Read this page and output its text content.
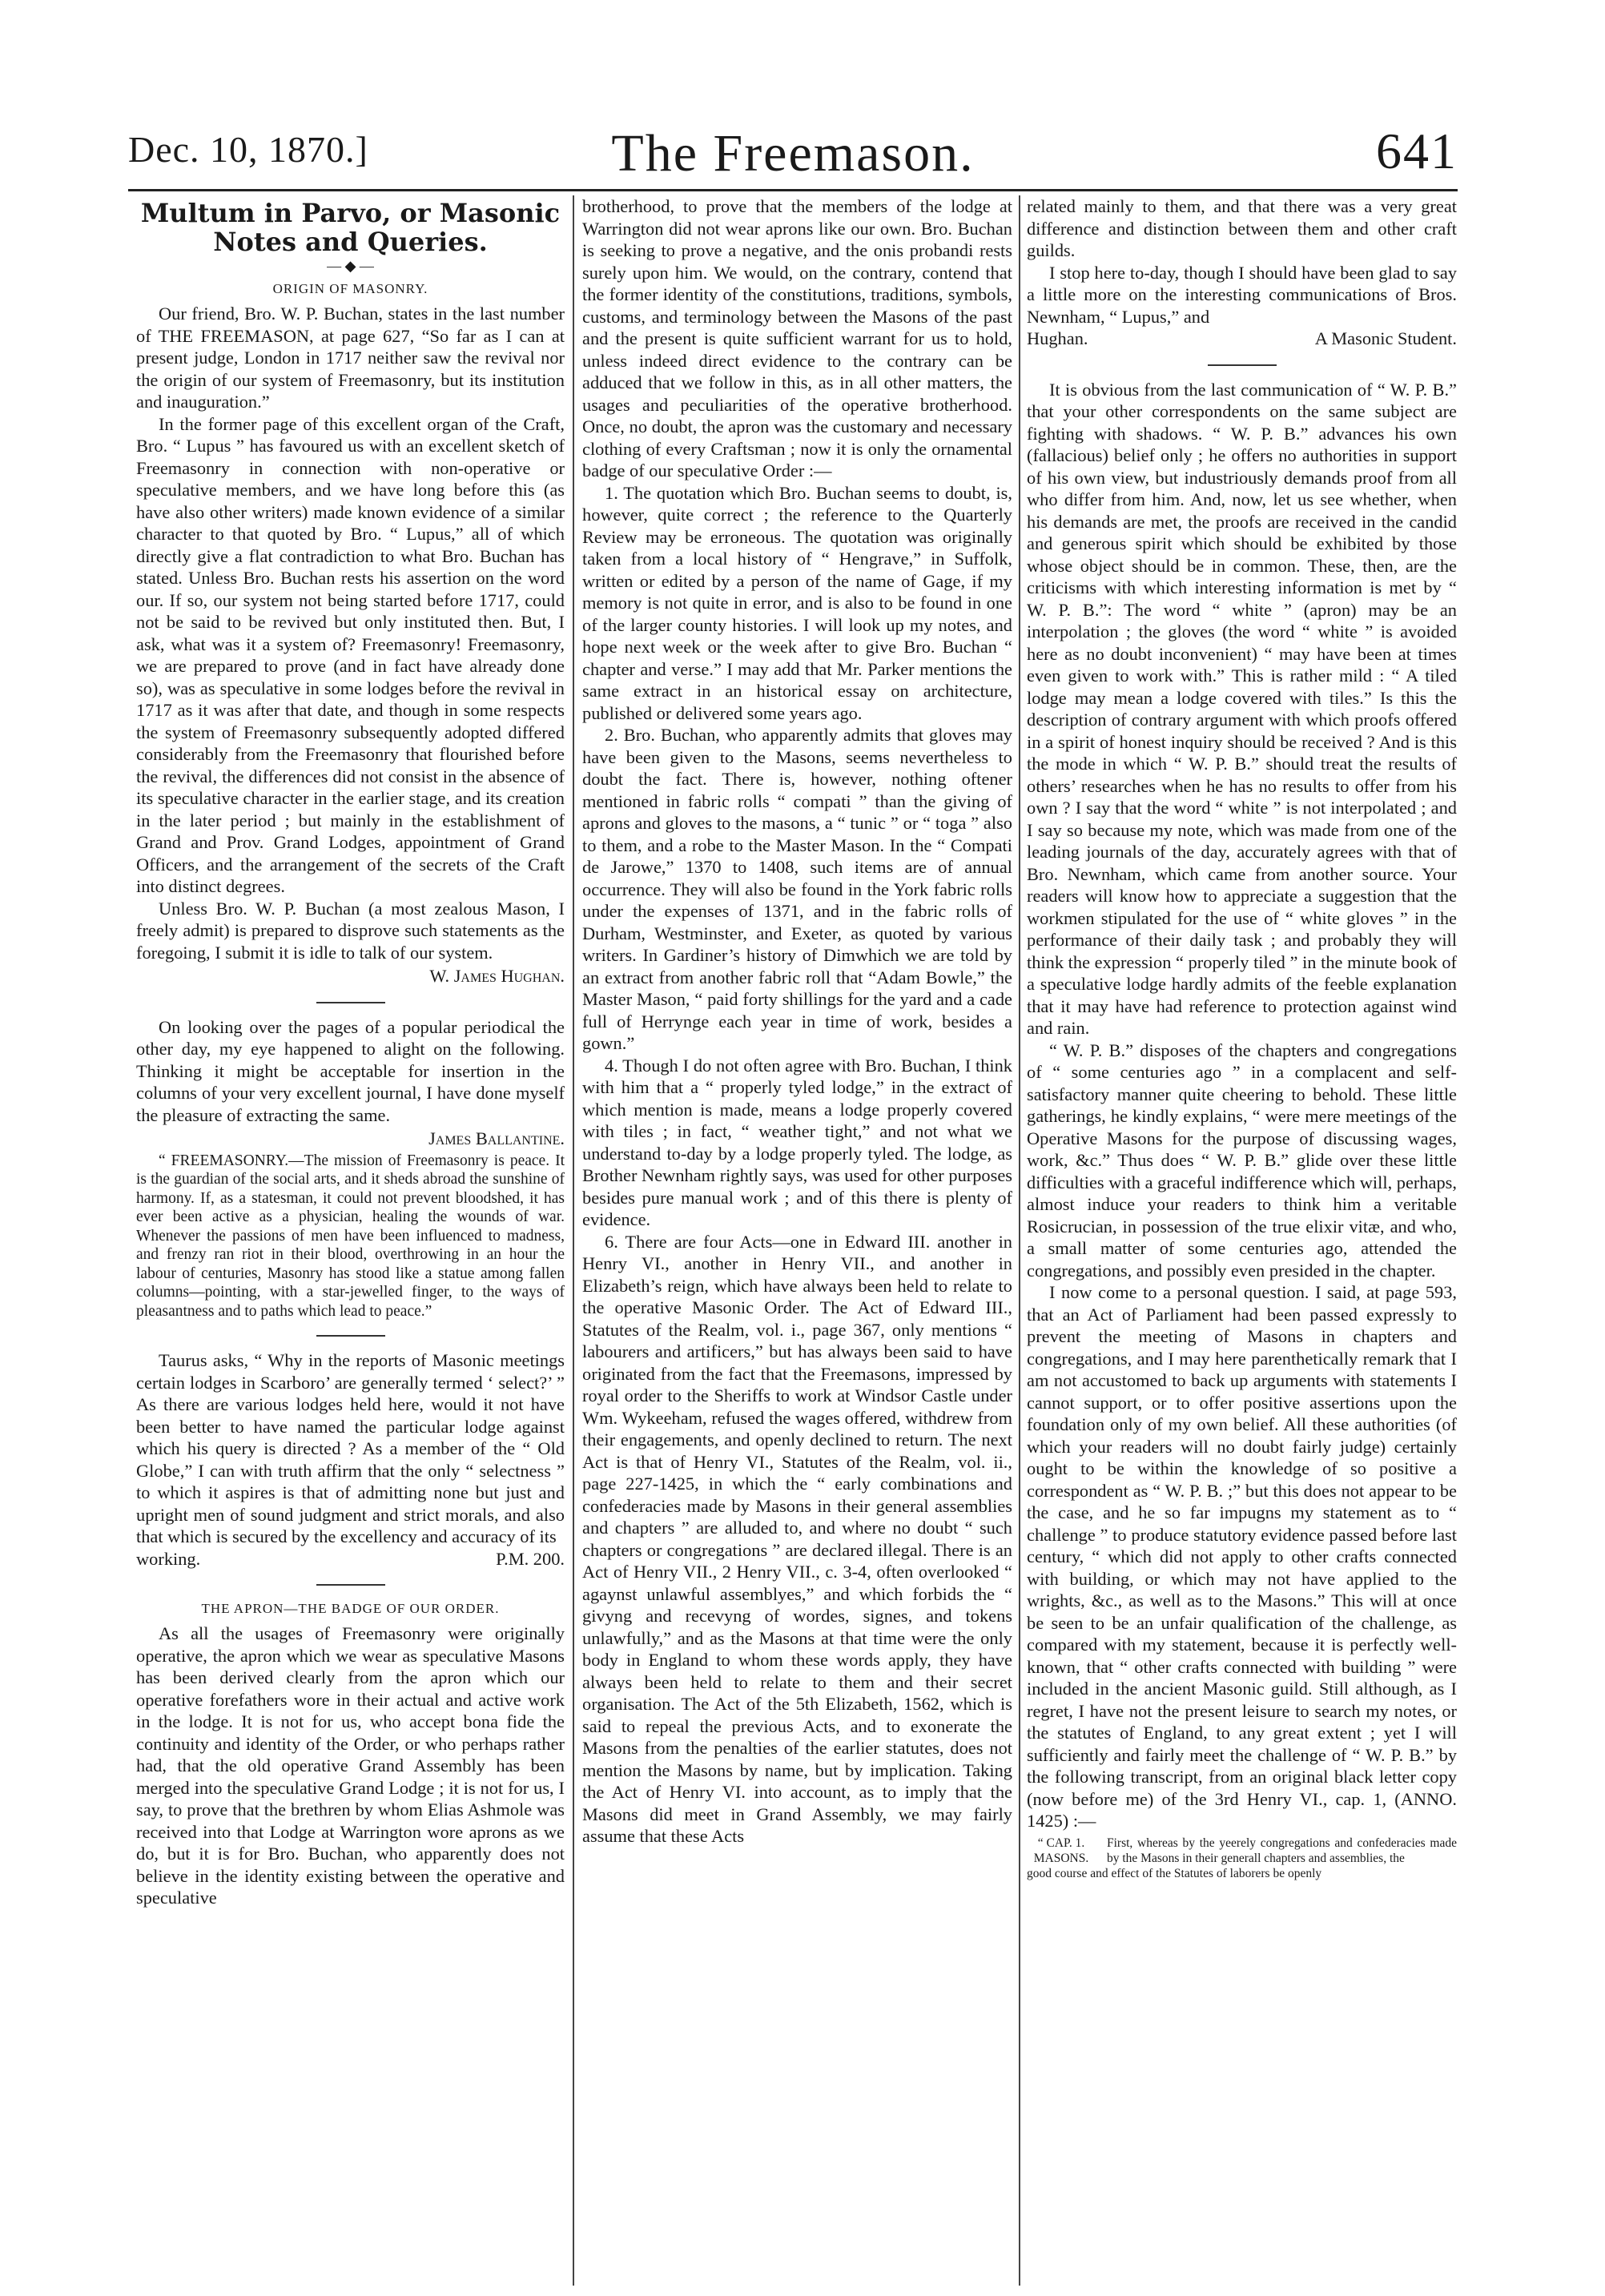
Dec. 10, 1870.]	The Freemason.	641
Multum in Parvo, or Masonic Notes and Queries.
— ◆ —
ORIGIN OF MASONRY.

Our friend, Bro. W. P. Buchan, states in the last number of THE FREEMASON, at page 627, “So far as I can at present judge, London in 1717 neither saw the revival nor the origin of our system of Freemasonry, but its institution and inauguration.”

In the former page of this excellent organ of the Craft, Bro. “ Lupus ” has favoured us with an excellent sketch of Freemasonry in connection with non-operative or speculative members, and we have long before this (as have also other writers) made known evidence of a similar character to that quoted by Bro. “ Lupus,” all of which directly give a flat contradiction to what Bro. Buchan has stated. Unless Bro. Buchan rests his assertion on the word our. If so, our system not being started before 1717, could not be said to be revived but only instituted then. But, I ask, what was it a system of? Freemasonry! Freemasonry, we are prepared to prove (and in fact have already done so), was as speculative in some lodges before the revival in 1717 as it was after that date, and though in some respects the system of Freemasonry subsequently adopted differed considerably from the Freemasonry that flourished before the revival, the differences did not consist in the absence of its speculative character in the earlier stage, and its creation in the later period ; but mainly in the establishment of Grand and Prov. Grand Lodges, appointment of Grand Officers, and the arrangement of the secrets of the Craft into distinct degrees.

Unless Bro. W. P. Buchan (a most zealous Mason, I freely admit) is prepared to disprove such statements as the foregoing, I submit it is idle to talk of our system.

W. James Hughan.

On looking over the pages of a popular periodical the other day, my eye happened to alight on the following. Thinking it might be acceptable for insertion in the columns of your very excellent journal, I have done myself the pleasure of extracting the same.

James Ballantine.

“ FREEMASONRY.—The mission of Freemasonry is peace. It is the guardian of the social arts, and it sheds abroad the sunshine of harmony. If, as a statesman, it could not prevent bloodshed, it has ever been active as a physician, healing the wounds of war. Whenever the passions of men have been influenced to madness, and frenzy ran riot in their blood, overthrowing in an hour the labour of centuries, Masonry has stood like a statue among fallen columns—pointing, with a star-jewelled finger, to the ways of pleasantness and to paths which lead to peace.”

Taurus asks, “ Why in the reports of Masonic meetings certain lodges in Scarboro’ are generally termed ‘ select?’ ” As there are various lodges held here, would it not have been better to have named the particular lodge against which his query is directed ? As a member of the “ Old Globe,” I can with truth affirm that the only “ selectness ” to which it aspires is that of admitting none but just and upright men of sound judgment and strict morals, and also that which is secured by the excellency and accuracy of its

working.	P.M. 200.
THE APRON—THE BADGE OF OUR ORDER.

As all the usages of Freemasonry were originally operative, the apron which we wear as speculative Masons has been derived clearly from the apron which our operative forefathers wore in their actual and active work in the lodge. It is not for us, who accept bona fide the continuity and identity of the Order, or who perhaps rather had, that the old operative Grand Assembly has been merged into the speculative Grand Lodge ; it is not for us, I say, to prove that the brethren by whom Elias Ashmole was received into that Lodge at Warrington wore aprons as we do, but it is for Bro. Buchan, who apparently does not believe in the identity existing between the operative and speculative

brotherhood, to prove that the members of the lodge at Warrington did not wear aprons like our own. Bro. Buchan is seeking to prove a negative, and the onis probandi rests surely upon him. We would, on the contrary, contend that the former identity of the constitutions, traditions, symbols, customs, and terminology between the Masons of the past and the present is quite sufficient warrant for us to hold, unless indeed direct evidence to the contrary can be adduced that we follow in this, as in all other matters, the usages and peculiarities of the operative brotherhood. Once, no doubt, the apron was the customary and necessary clothing of every Craftsman ; now it is only the ornamental badge of our speculative Order :—

1. The quotation which Bro. Buchan seems to doubt, is, however, quite correct ; the reference to the Quarterly Review may be erroneous. The quotation was originally taken from a local history of “ Hengrave,” in Suffolk, written or edited by a person of the name of Gage, if my memory is not quite in error, and is also to be found in one of the larger county histories. I will look up my notes, and hope next week or the week after to give Bro. Buchan “ chapter and verse.” I may add that Mr. Parker mentions the same extract in an historical essay on architecture, published or delivered some years ago.

2. Bro. Buchan, who apparently admits that gloves may have been given to the Masons, seems nevertheless to doubt the fact. There is, however, nothing oftener mentioned in fabric rolls “ compati ” than the giving of aprons and gloves to the masons, a “ tunic ” or “ toga ” also to them, and a robe to the Master Mason. In the “ Compati de Jarowe,” 1370 to 1408, such items are of annual occurrence. They will also be found in the York fabric rolls under the expenses of 1371, and in the fabric rolls of Durham, Westminster, and Exeter, as quoted by various writers. In Gardiner’s history of Dimwhich we are told by an extract from another fabric roll that “Adam Bowle,” the Master Mason, “ paid forty shillings for the yard and a cade full of Herrynge each year in time of work, besides a gown.”

4. Though I do not often agree with Bro. Buchan, I think with him that a “ properly tyled lodge,” in the extract of which mention is made, means a lodge properly covered with tiles ; in fact, “ weather tight,” and not what we understand to-day by a lodge properly tyled. The lodge, as Brother Newnham rightly says, was used for other purposes besides pure manual work ; and of this there is plenty of evidence.

6. There are four Acts—one in Edward III. another in Henry VI., another in Henry VII., and another in Elizabeth’s reign, which have always been held to relate to the operative Masonic Order. The Act of Edward III., Statutes of the Realm, vol. i., page 367, only mentions “ labourers and artificers,” but has always been said to have originated from the fact that the Freemasons, impressed by royal order to the Sheriffs to work at Windsor Castle under Wm. Wykeeham, refused the wages offered, withdrew from their engagements, and openly declined to return. The next Act is that of Henry VI., Statutes of the Realm, vol. ii., page 227-1425, in which the “ early combinations and confederacies made by Masons in their general assemblies and chapters ” are alluded to, and where no doubt “ such chapters or congregations ” are declared illegal. There is an Act of Henry VII., 2 Henry VII., c. 3-4, often overlooked “ agaynst unlawful assemblyes,” and which forbids the “ givyng and recevyng of wordes, signes, and tokens unlawfully,” and as the Masons at that time were the only body in England to whom these words apply, they have always been held to relate to them and their secret organisation. The Act of the 5th Elizabeth, 1562, which is said to repeal the previous Acts, and to exonerate the Masons from the penalties of the earlier statutes, does not mention the Masons by name, but by implication. Taking the Act of Henry VI. into account, as to imply that the Masons did meet in Grand Assembly, we may fairly assume that these Acts

related mainly to them, and that there was a very great difference and distinction between them and other craft guilds.

I stop here to-day, though I should have been glad to say a little more on the interesting communications of Bros. Newnham, “ Lupus,” and

Hughan.	A Masonic Student.

It is obvious from the last communication of “ W. P. B.” that your other correspondents on the same subject are fighting with shadows. “ W. P. B.” advances his own (fallacious) belief only ; he offers no authorities in support of his own view, but industriously demands proof from all who differ from him. And, now, let us see whether, when his demands are met, the proofs are received in the candid and generous spirit which should be exhibited by those whose object should be in common. These, then, are the criticisms with which interesting information is met by “ W. P. B.”: The word “ white ” (apron) may be an interpolation ; the gloves (the word “ white ” is avoided here as no doubt inconvenient) “ may have been at times even given to work with.” This is rather mild : “ A tiled lodge may mean a lodge covered with tiles.” Is this the description of contrary argument with which proofs offered in a spirit of honest inquiry should be received ? And is this the mode in which “ W. P. B.” should treat the results of others’ researches when he has no results to offer from his own ? I say that the word “ white ” is not interpolated ; and I say so because my note, which was made from one of the leading journals of the day, accurately agrees with that of Bro. Newnham, which came from another source. Your readers will know how to appreciate a suggestion that the workmen stipulated for the use of “ white gloves ” in the performance of their daily task ; and probably they will think the expression “ properly tiled ” in the minute book of a speculative lodge hardly admits of the feeble explanation that it may have had reference to protection against wind and rain.

“ W. P. B.” disposes of the chapters and congregations of “ some centuries ago ” in a complacent and self-satisfactory manner quite cheering to behold. These little gatherings, he kindly explains, “ were mere meetings of the Operative Masons for the purpose of discussing wages, work, &c.” Thus does “ W. P. B.” glide over these little difficulties with a graceful indifference which will, perhaps, almost induce your readers to think him a veritable Rosicrucian, in possession of the true elixir vitæ, and who, a small matter of some centuries ago, attended the congregations, and possibly even presided in the chapter.

I now come to a personal question. I said, at page 593, that an Act of Parliament had been passed expressly to prevent the meeting of Masons in chapters and congregations, and I may here parenthetically remark that I am not accustomed to back up arguments with statements I cannot support, or to offer positive assertions upon the foundation only of my own belief. All these authorities (of which your readers will no doubt fairly judge) certainly ought to be within the knowledge of so positive a correspondent as “ W. P. B. ;” but this does not appear to be the case, and he so far impugns my statement as to “ challenge ” to produce statutory evidence passed before last century, “ which did not apply to other crafts connected with building, or which may not have applied to the wrights, &c., as well as to the Masons.” This will at once be seen to be an unfair qualification of the challenge, as compared with my statement, because it is perfectly well-known, that “ other crafts connected with building ” were included in the ancient Masonic guild. Still although, as I regret, I have not the present leisure to search my notes, or the statutes of England, to any great extent ; yet I will sufficiently and fairly meet the challenge of “ W. P. B.” by the following transcript, from an original black letter copy (now before me) of the 3rd Henry VI., cap. 1, (ANNO. 1425) :—

“ CAP. 1. MASONS.
First, whereas by the yeerely congregations and confederacies made by the Masons in their generall chapters and assemblies, the
good course and effect of the Statutes of laborers be openly
